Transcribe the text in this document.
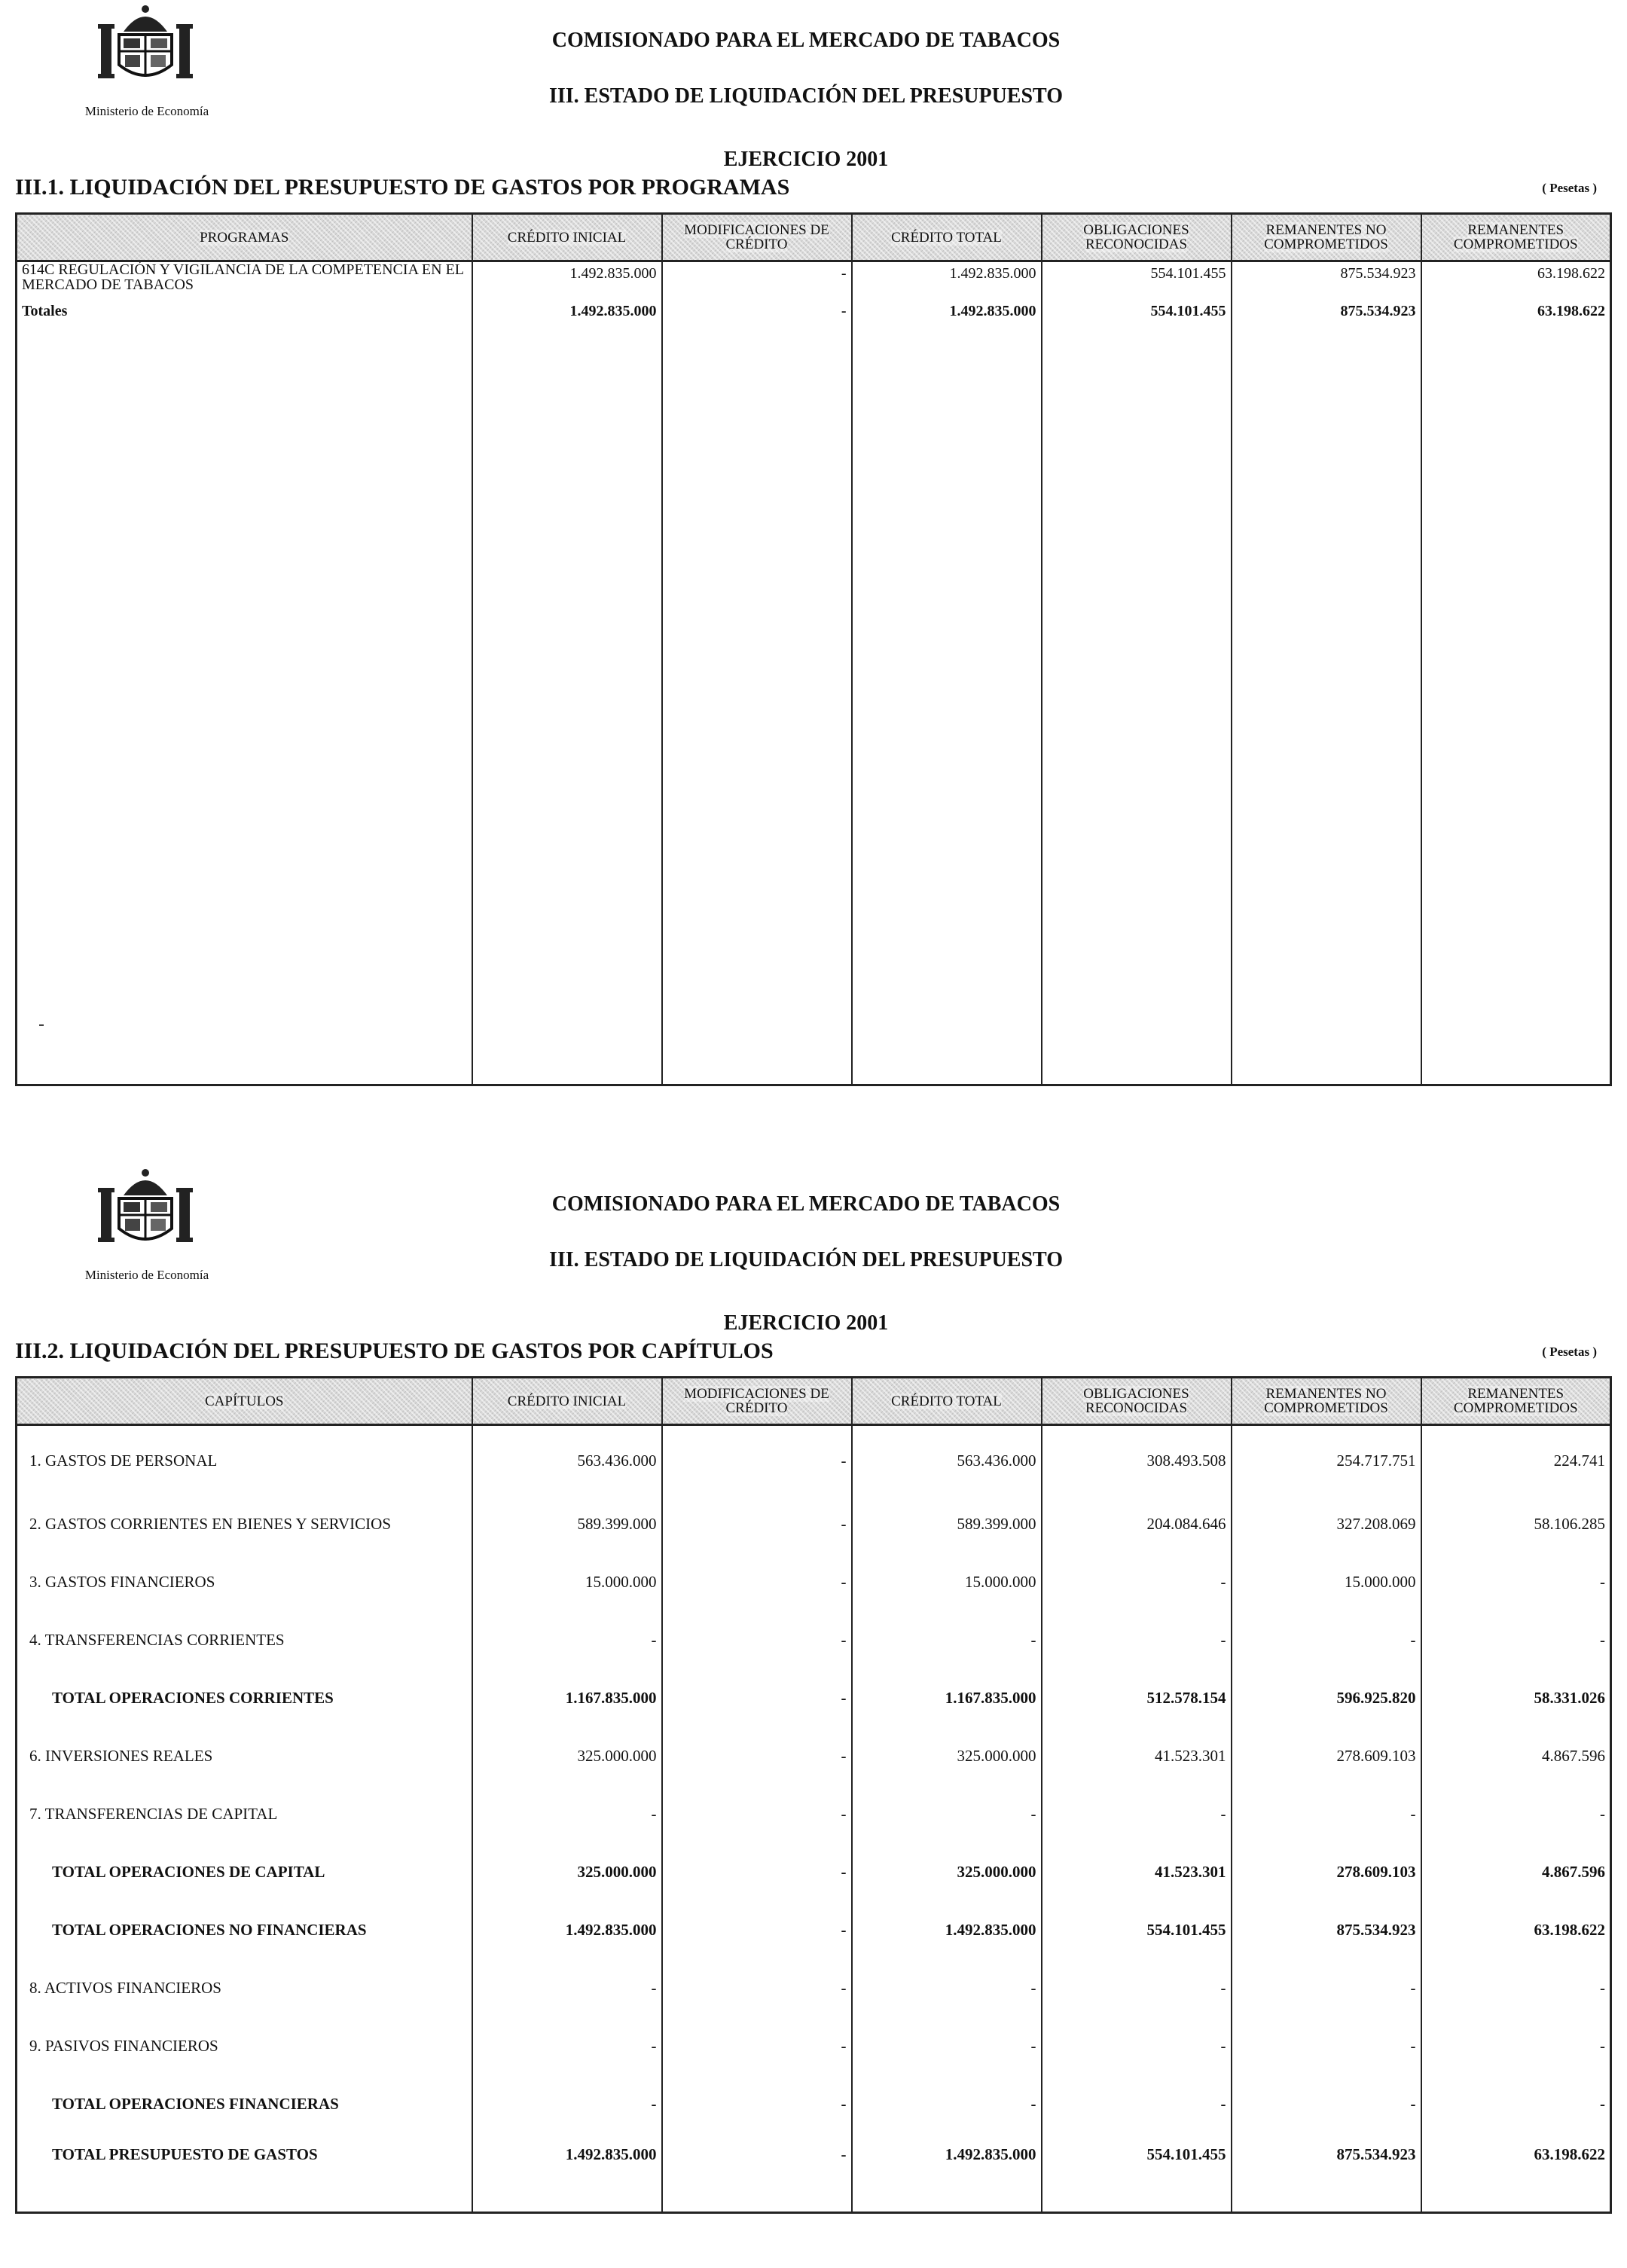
Ministerio de Economía
COMISIONADO PARA EL MERCADO DE TABACOS
III. ESTADO DE LIQUIDACIÓN DEL PRESUPUESTO
EJERCICIO 2001
III.1. LIQUIDACIÓN DEL PRESUPUESTO DE GASTOS POR PROGRAMAS	( Pesetas )
PROGRAMAS	CRÉDITO INICIAL	MODIFICACIONES DE CRÉDITO	CRÉDITO TOTAL	OBLIGACIONES RECONOCIDAS	REMANENTES NO COMPROMETIDOS	REMANENTES COMPROMETIDOS
614C REGULACIÓN Y VIGILANCIA DE LA COMPETENCIA EN EL MERCADO DE TABACOS	1.492.835.000	-	1.492.835.000	554.101.455	875.534.923	63.198.622
Totales	1.492.835.000	-	1.492.835.000	554.101.455	875.534.923	63.198.622

Ministerio de Economía
COMISIONADO PARA EL MERCADO DE TABACOS
III. ESTADO DE LIQUIDACIÓN DEL PRESUPUESTO
EJERCICIO 2001
III.2. LIQUIDACIÓN DEL PRESUPUESTO DE GASTOS POR CAPÍTULOS	( Pesetas )
CAPÍTULOS	CRÉDITO INICIAL	MODIFICACIONES DE CRÉDITO	CRÉDITO TOTAL	OBLIGACIONES RECONOCIDAS	REMANENTES NO COMPROMETIDOS	REMANENTES COMPROMETIDOS
1. GASTOS DE PERSONAL	563.436.000	-	563.436.000	308.493.508	254.717.751	224.741
2. GASTOS CORRIENTES EN BIENES Y SERVICIOS	589.399.000	-	589.399.000	204.084.646	327.208.069	58.106.285
3. GASTOS FINANCIEROS	15.000.000	-	15.000.000	-	15.000.000	-
4. TRANSFERENCIAS CORRIENTES	-	-	-	-	-	-
TOTAL OPERACIONES CORRIENTES	1.167.835.000	-	1.167.835.000	512.578.154	596.925.820	58.331.026
6. INVERSIONES REALES	325.000.000	-	325.000.000	41.523.301	278.609.103	4.867.596
7. TRANSFERENCIAS DE CAPITAL	-	-	-	-	-	-
TOTAL OPERACIONES DE CAPITAL	325.000.000	-	325.000.000	41.523.301	278.609.103	4.867.596
TOTAL OPERACIONES NO FINANCIERAS	1.492.835.000	-	1.492.835.000	554.101.455	875.534.923	63.198.622
8. ACTIVOS FINANCIEROS	-	-	-	-	-	-
9. PASIVOS FINANCIEROS	-	-	-	-	-	-
TOTAL OPERACIONES FINANCIERAS	-	-	-	-	-	-
TOTAL PRESUPUESTO DE GASTOS	1.492.835.000	-	1.492.835.000	554.101.455	875.534.923	63.198.622
